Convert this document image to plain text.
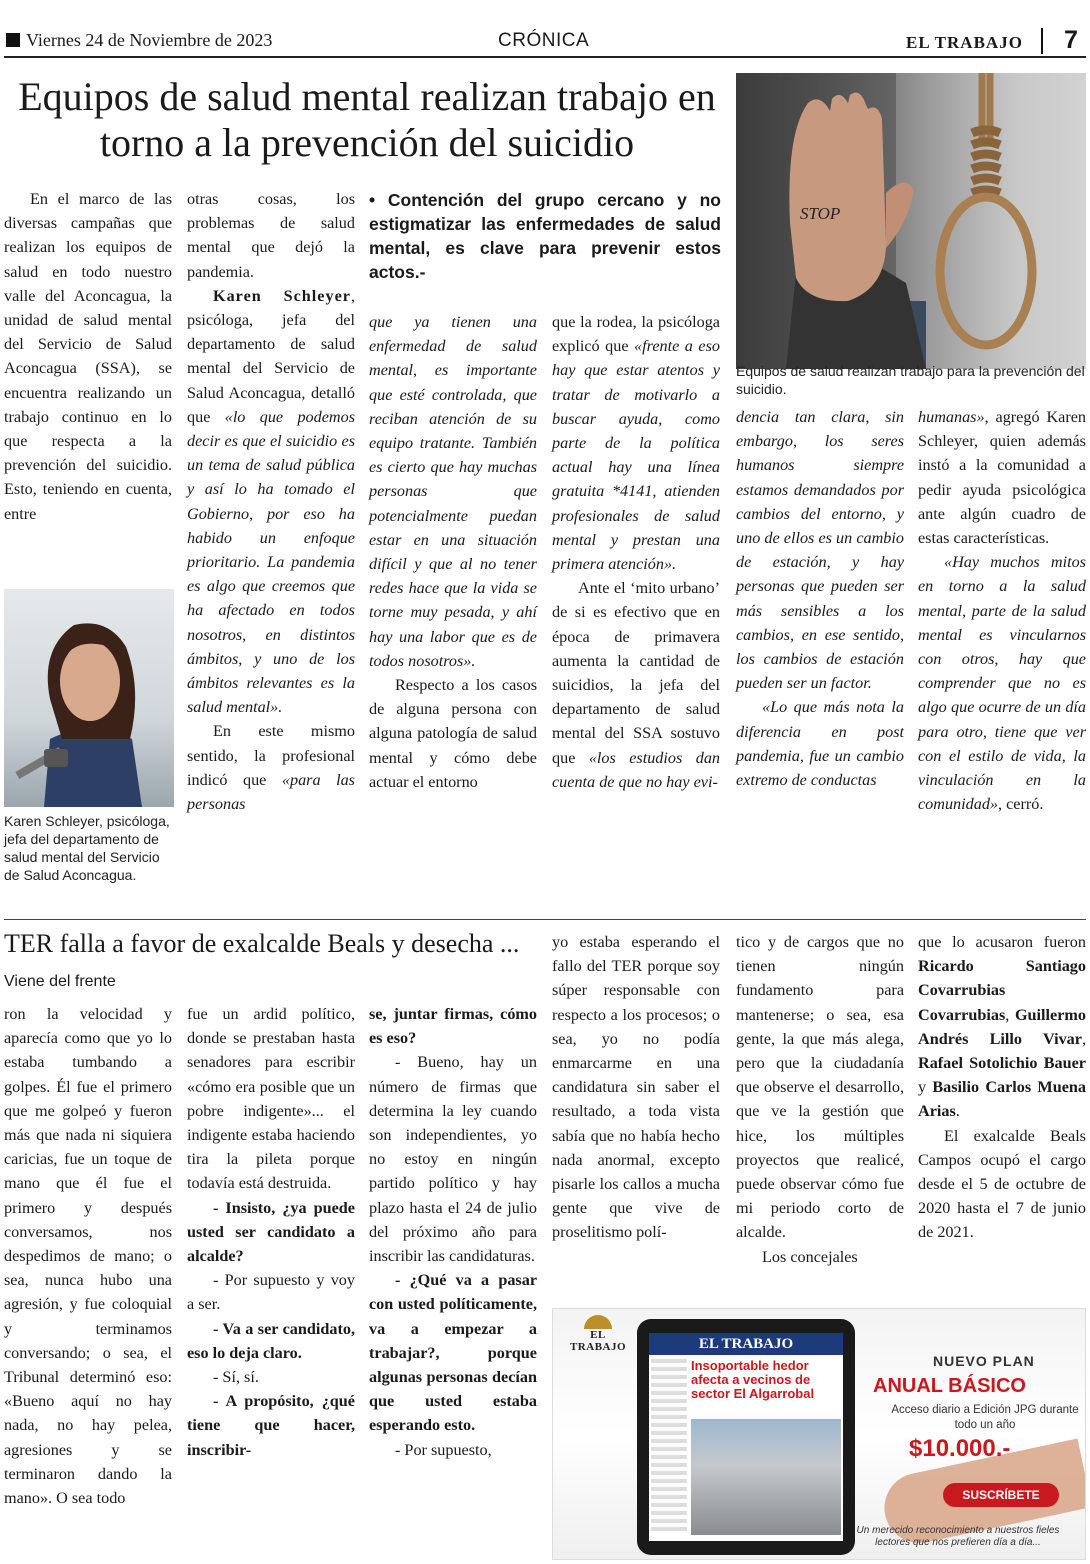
Viernes 24 de Noviembre de 2023	CRÓNICA	EL TRABAJO 7
Equipos de salud mental realizan trabajo en torno a la prevención del suicidio
STOP
Equipos de salud realizan trabajo para la prevención del suicidio.

En el marco de las diversas campañas que realizan los equipos de salud en todo nuestro valle del Aconcagua, la unidad de salud mental del Servicio de Salud Aconcagua (SSA), se encuentra realizando un trabajo continuo en lo que respecta a la prevención del suicidio. Esto, teniendo en cuenta, entre

Karen Schleyer, psicóloga, jefa del departamento de salud mental del Servicio de Salud Aconcagua.

otras cosas, los problemas de salud mental que dejó la pandemia.

Karen Schleyer, psicóloga, jefa del departamento de salud mental del Servicio de Salud Aconcagua, detalló que «lo que podemos decir es que el suicidio es un tema de salud pública y así lo ha tomado el Gobierno, por eso ha habido un enfoque prioritario. La pandemia es algo que creemos que ha afectado en todos nosotros, en distintos ámbitos, y uno de los ámbitos relevantes es la salud mental».

En este mismo sentido, la profesional indicó que «para las personas

• Contención del grupo cercano y no estigmatizar las enfermedades de salud mental, es clave para prevenir estos actos.-

que ya tienen una enfermedad de salud mental, es importante que esté controlada, que reciban atención de su equipo tratante. También es cierto que hay muchas personas que potencialmente puedan estar en una situación difícil y que al no tener redes hace que la vida se torne muy pesada, y ahí hay una labor que es de todos nosotros».

Respecto a los casos de alguna persona con alguna patología de salud mental y cómo debe actuar el entorno

que la rodea, la psicóloga explicó que «frente a eso hay que estar atentos y tratar de motivarlo a buscar ayuda, como parte de la política actual hay una línea gratuita *4141, atienden profesionales de salud mental y prestan una primera atención».

Ante el ‘mito urbano’ de si es efectivo que en época de primavera aumenta la cantidad de suicidios, la jefa del departamento de salud mental del SSA sostuvo que «los estudios dan cuenta de que no hay evi-

dencia tan clara, sin embargo, los seres humanos siempre estamos demandados por cambios del entorno, y uno de ellos es un cambio de estación, y hay personas que pueden ser más sensibles a los cambios, en ese sentido, los cambios de estación pueden ser un factor.

«Lo que más nota la diferencia en post pandemia, fue un cambio extremo de conductas

humanas», agregó Karen Schleyer, quien además instó a la comunidad a pedir ayuda psicológica ante algún cuadro de estas características.

«Hay muchos mitos en torno a la salud mental, parte de la salud mental es vincularnos con otros, hay que comprender que no es algo que ocurre de un día para otro, tiene que ver con el estilo de vida, la vinculación en la comunidad», cerró.

TER falla a favor de exalcalde Beals y desecha ...
Viene del frente

ron la velocidad y aparecía como que yo lo estaba tumbando a golpes. Él fue el primero que me golpeó y fueron más que nada ni siquiera caricias, fue un toque de mano que él fue el primero y después conversamos, nos despedimos de mano; o sea, nunca hubo una agresión, y fue coloquial y terminamos conversando; o sea, el Tribunal determinó eso: «Bueno aquí no hay nada, no hay pelea, agresiones y se terminaron dando la mano». O sea todo

fue un ardid político, donde se prestaban hasta senadores para escribir «cómo era posible que un pobre indigente»... el indigente estaba haciendo tira la pileta porque todavía está destruida.

- Insisto, ¿ya puede usted ser candidato a alcalde?

- Por supuesto y voy a ser.

- Va a ser candidato, eso lo deja claro.

- Sí, sí.

- A propósito, ¿qué tiene que hacer, inscribir-

se, juntar firmas, cómo es eso?

- Bueno, hay un número de firmas que determina la ley cuando son independientes, yo no estoy en ningún partido político y hay plazo hasta el 24 de julio del próximo año para inscribir las candidaturas.

- ¿Qué va a pasar con usted políticamente, va a empezar a trabajar?, porque algunas personas decían que usted estaba esperando esto.

- Por supuesto,

yo estaba esperando el fallo del TER porque soy súper responsable con respecto a los procesos; o sea, yo no podía enmarcarme en una candidatura sin saber el resultado, a toda vista sabía que no había hecho nada anormal, excepto pisarle los callos a mucha gente que vive de proselitismo polí-

tico y de cargos que no tienen ningún fundamento para mantenerse; o sea, esa gente, la que más alega, pero que la ciudadanía que observe el desarrollo, que ve la gestión que hice, los múltiples proyectos que realicé, puede observar cómo fue mi periodo corto de alcalde.

Los concejales

que lo acusaron fueron Ricardo Santiago Covarrubias Covarrubias, Guillermo Andrés Lillo Vivar, Rafael Sotolichio Bauer y Basilio Carlos Muena Arias.

El exalcalde Beals Campos ocupó el cargo desde el 5 de octubre de 2020 hasta el 7 de junio de 2021.

EL TRABAJO	EL TRABAJO
Insoportable hedor afecta a vecinos de sector El Algarrobal
NUEVO PLAN
ANUAL BÁSICO
Acceso diario a Edición JPG durante todo un año
$10.000.-
SUSCRÍBETE
Un merecido reconocimiento a nuestros fieles lectores que nos prefieren día a día...
